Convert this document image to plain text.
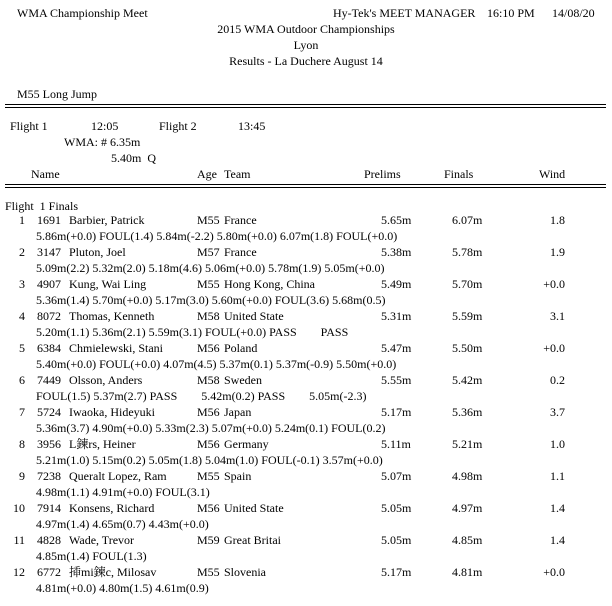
WMA Championship Meet	Hy-Tek's MEET MANAGER 16:10 PM 14/08/20
2015 WMA Outdoor Championships
Lyon
Results - La Duchere August 14
M55 Long Jump
Flight 1	12:05	Flight 2	13:45
WMA: # 6.35m
5.40m  Q
Name	Age Team	Prelims	Finals	Wind
Flight  1 Finals
1 1691 Barbier, Patrick	M55 France	5.65m	6.07m	1.8
5.86m(+0.0) FOUL(1.4) 5.84m(-2.2) 5.80m(+0.0) 6.07m(1.8) FOUL(+0.0)
2 3147 Pluton, Joel	M57 France	5.38m	5.78m	1.9
5.09m(2.2) 5.32m(2.0) 5.18m(4.6) 5.06m(+0.0) 5.78m(1.9) 5.05m(+0.0)
3 4907 Kung, Wai Ling	M55 Hong Kong, China	5.49m	5.70m	+0.0
5.36m(1.4) 5.70m(+0.0) 5.17m(3.0) 5.60m(+0.0) FOUL(3.6) 5.68m(0.5)
4 8072 Thomas, Kenneth	M58 United State	5.31m	5.59m	3.1
5.20m(1.1) 5.36m(2.1) 5.59m(3.1) FOUL(+0.0) PASS        PASS
5 6384 Chmielewski, Stani	M56 Poland	5.47m	5.50m	+0.0
5.40m(+0.0) FOUL(+0.0) 4.07m(4.5) 5.37m(0.1) 5.37m(-0.9) 5.50m(+0.0)
6 7449 Olsson, Anders	M58 Sweden	5.55m	5.42m	0.2
FOUL(1.5) 5.37m(2.7) PASS        5.42m(0.2) PASS        5.05m(-2.3)
7 5724 Iwaoka, Hideyuki	M56 Japan	5.17m	5.36m	3.7
5.36m(3.7) 4.90m(+0.0) 5.33m(2.3) 5.07m(+0.0) 5.24m(0.1) FOUL(0.2)
8 3956 L鍊rs, Heiner	M56 Germany	5.11m	5.21m	1.0
5.21m(1.0) 5.15m(0.2) 5.05m(1.8) 5.04m(1.0) FOUL(-0.1) 3.57m(+0.0)
9 7238 Queralt Lopez, Ram	M55 Spain	5.07m	4.98m	1.1
4.98m(1.1) 4.91m(+0.0) FOUL(3.1)
10 7914 Konsens, Richard	M56 United State	5.05m	4.97m	1.4
4.97m(1.4) 4.65m(0.7) 4.43m(+0.0)
11 4828 Wade, Trevor	M59 Great Britai	5.05m	4.85m	1.4
4.85m(1.4) FOUL(1.3)
12 6772 揷mi鍊c, Milosav	M55 Slovenia	5.17m	4.81m	+0.0
4.81m(+0.0) 4.80m(1.5) 4.61m(0.9)
